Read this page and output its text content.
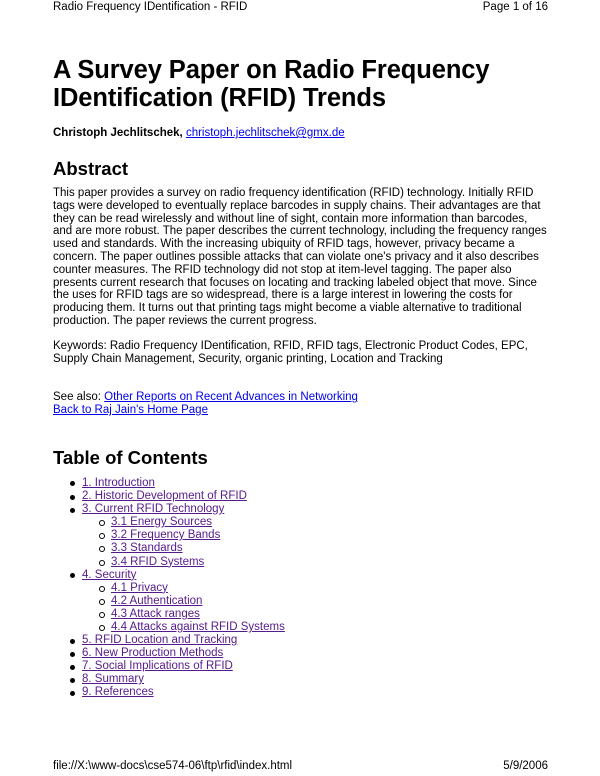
Radio Frequency IDentification - RFID	Page 1 of 16
A Survey Paper on Radio Frequency IDentification (RFID) Trends
Christoph Jechlitschek, christoph.jechlitschek@gmx.de
Abstract

This paper provides a survey on radio frequency identification (RFID) technology. Initially RFID tags were developed to eventually replace barcodes in supply chains. Their advantages are that they can be read wirelessly and without line of sight, contain more information than barcodes, and are more robust. The paper describes the current technology, including the frequency ranges used and standards. With the increasing ubiquity of RFID tags, however, privacy became a concern. The paper outlines possible attacks that can violate one's privacy and it also describes counter measures. The RFID technology did not stop at item-level tagging. The paper also presents current research that focuses on locating and tracking labeled object that move. Since the uses for RFID tags are so widespread, there is a large interest in lowering the costs for producing them. It turns out that printing tags might become a viable alternative to traditional production. The paper reviews the current progress.

Keywords: Radio Frequency IDentification, RFID, RFID tags, Electronic Product Codes, EPC, Supply Chain Management, Security, organic printing, Location and Tracking

See also: Other Reports on Recent Advances in Networking
Back to Raj Jain's Home Page
Table of Contents
1. Introduction
2. Historic Development of RFID
3. Current RFID Technology
3.1 Energy Sources
3.2 Frequency Bands
3.3 Standards
3.4 RFID Systems
4. Security
4.1 Privacy
4.2 Authentication
4.3 Attack ranges
4.4 Attacks against RFID Systems
5. RFID Location and Tracking
6. New Production Methods
7. Social Implications of RFID
8. Summary
9. References
file://X:\www-docs\cse574-06\ftp\rfid\index.html	5/9/2006
